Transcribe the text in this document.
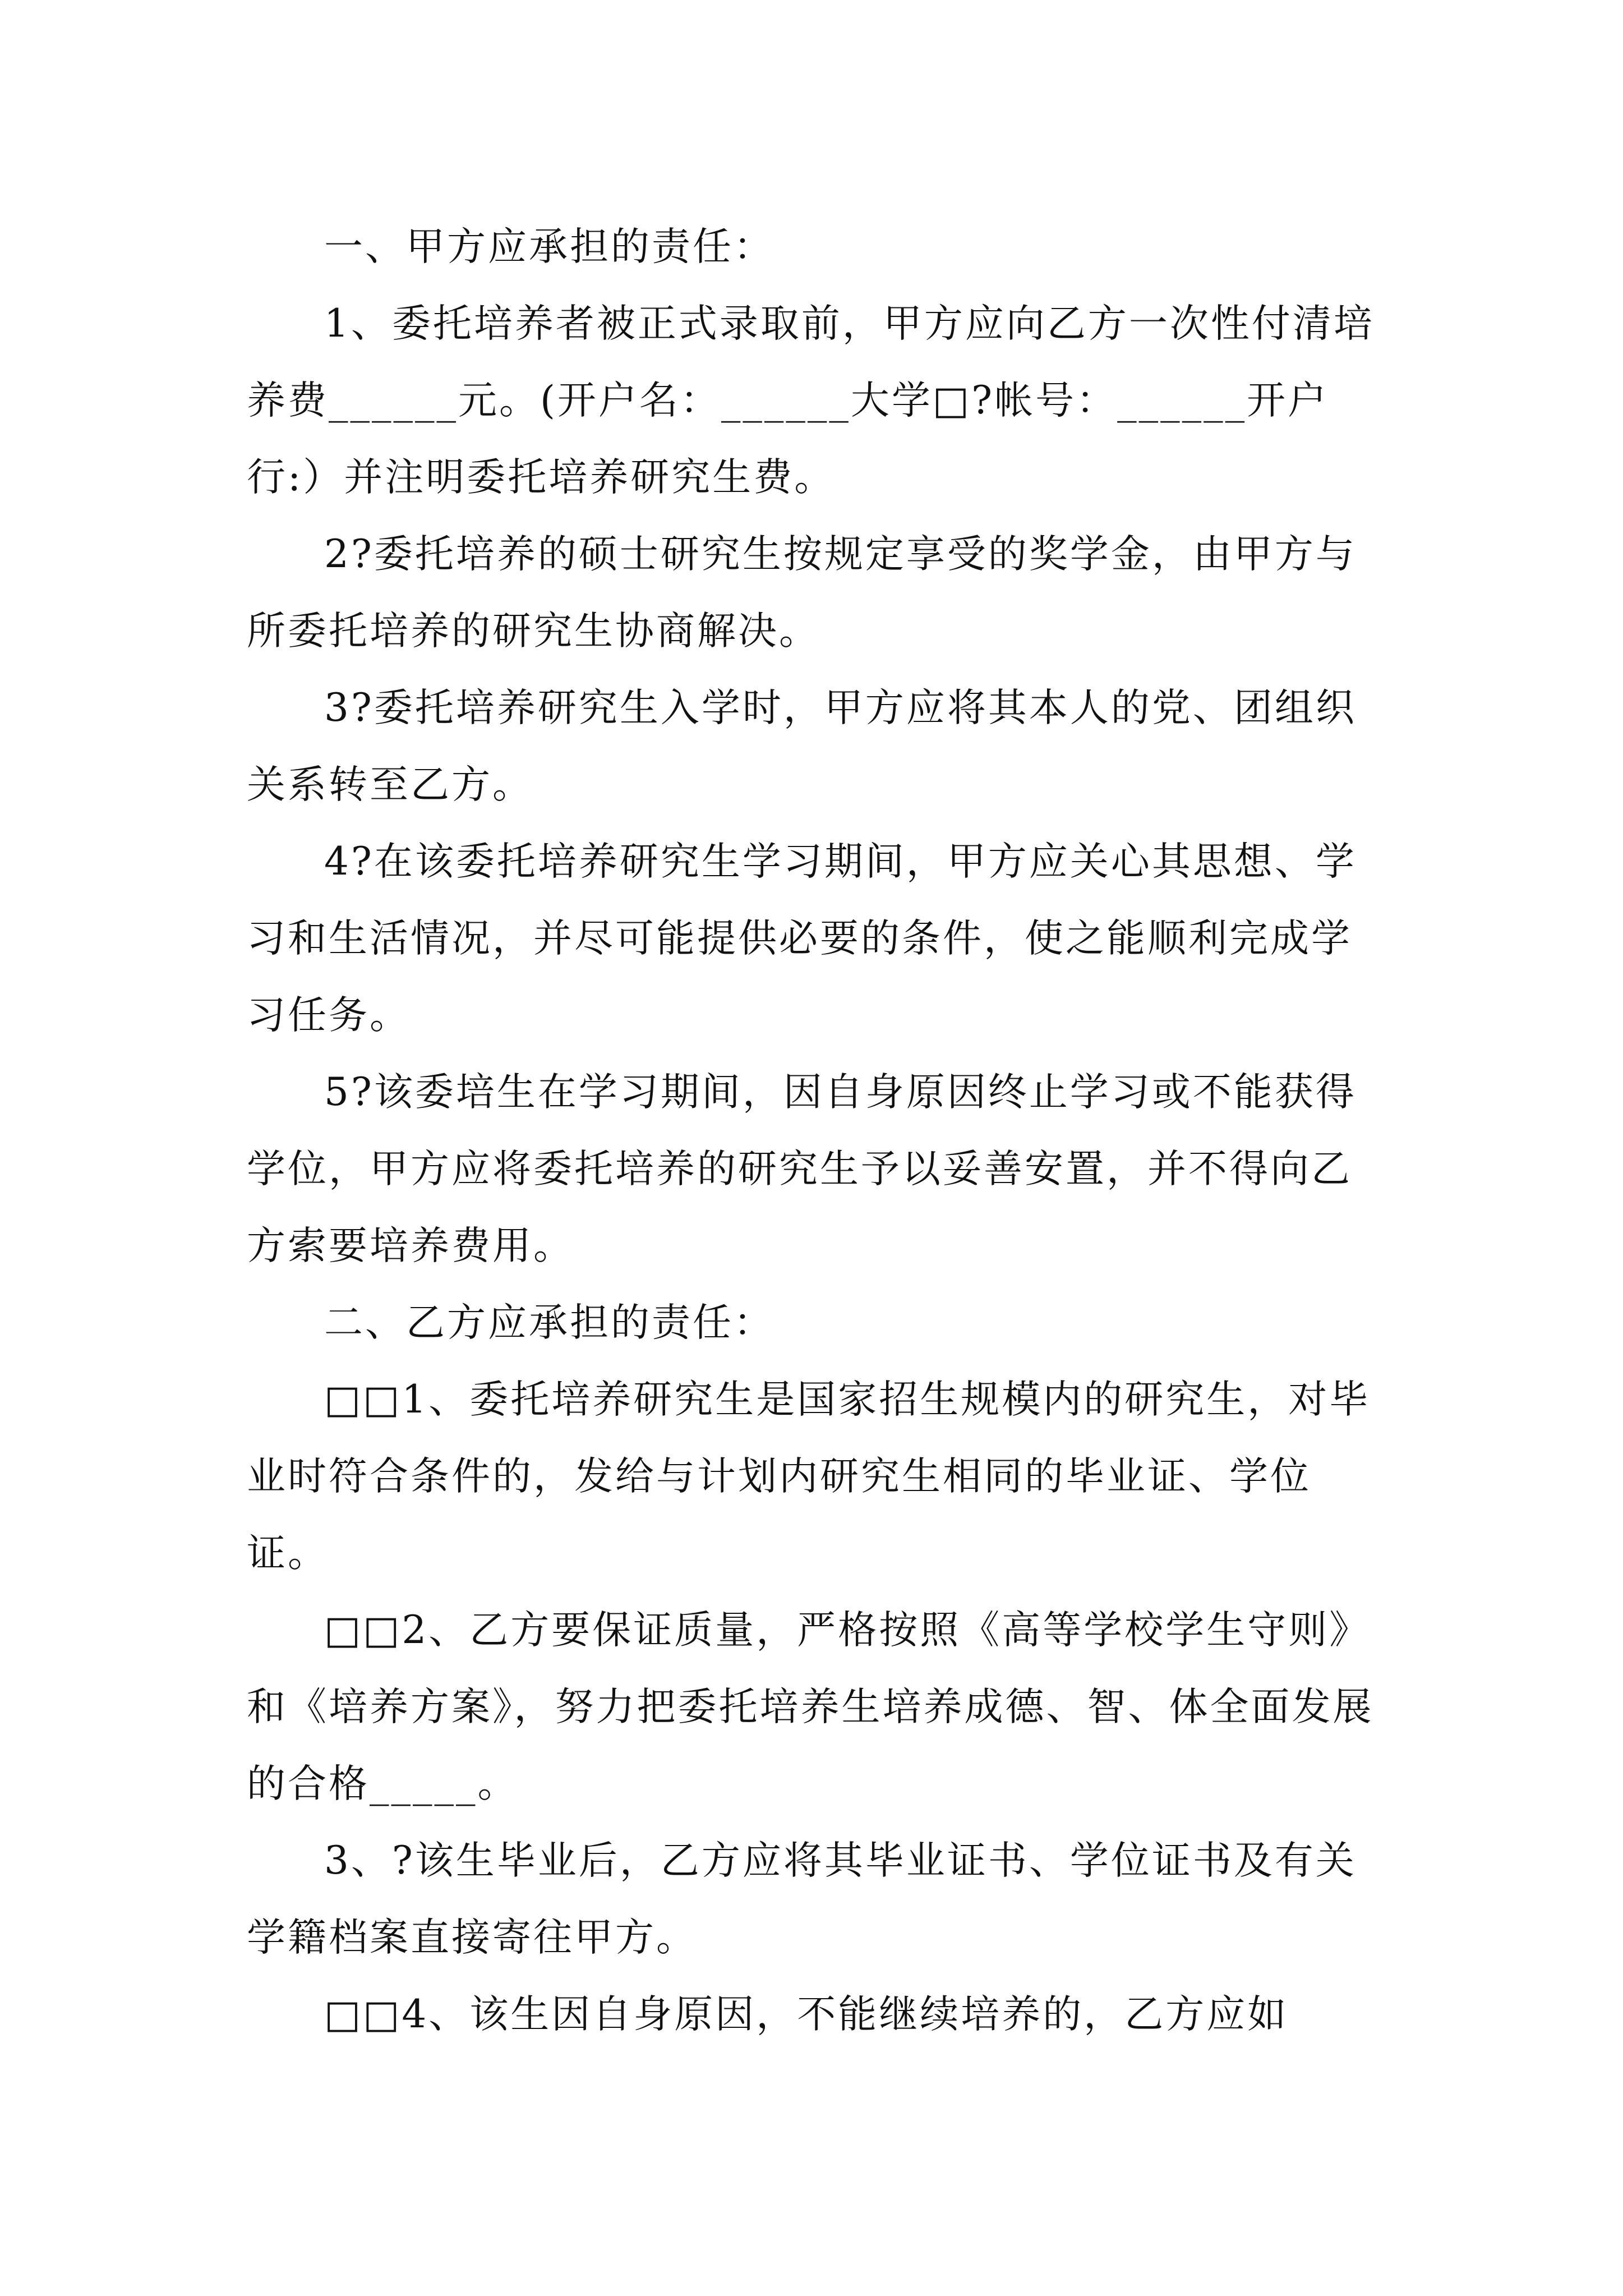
一、甲方应承担的责任：

1、委托培养者被正式录取前，甲方应向乙方一次性付清培养费______元。(开户名：______大学□?帐号：______开户行:）并注明委托培养研究生费。

2?委托培养的硕士研究生按规定享受的奖学金，由甲方与所委托培养的研究生协商解决。

3?委托培养研究生入学时，甲方应将其本人的党、团组织关系转至乙方。

4?在该委托培养研究生学习期间，甲方应关心其思想、学习和生活情况，并尽可能提供必要的条件，使之能顺利完成学习任务。

5?该委培生在学习期间，因自身原因终止学习或不能获得学位，甲方应将委托培养的研究生予以妥善安置，并不得向乙方索要培养费用。

二、乙方应承担的责任：

□□1、委托培养研究生是国家招生规模内的研究生，对毕业时符合条件的，发给与计划内研究生相同的毕业证、学位证。

□□2、乙方要保证质量，严格按照《高等学校学生守则》和《培养方案》，努力把委托培养生培养成德、智、体全面发展的合格_____。

3、?该生毕业后，乙方应将其毕业证书、学位证书及有关学籍档案直接寄往甲方。

□□4、该生因自身原因，不能继续培养的，乙方应如
